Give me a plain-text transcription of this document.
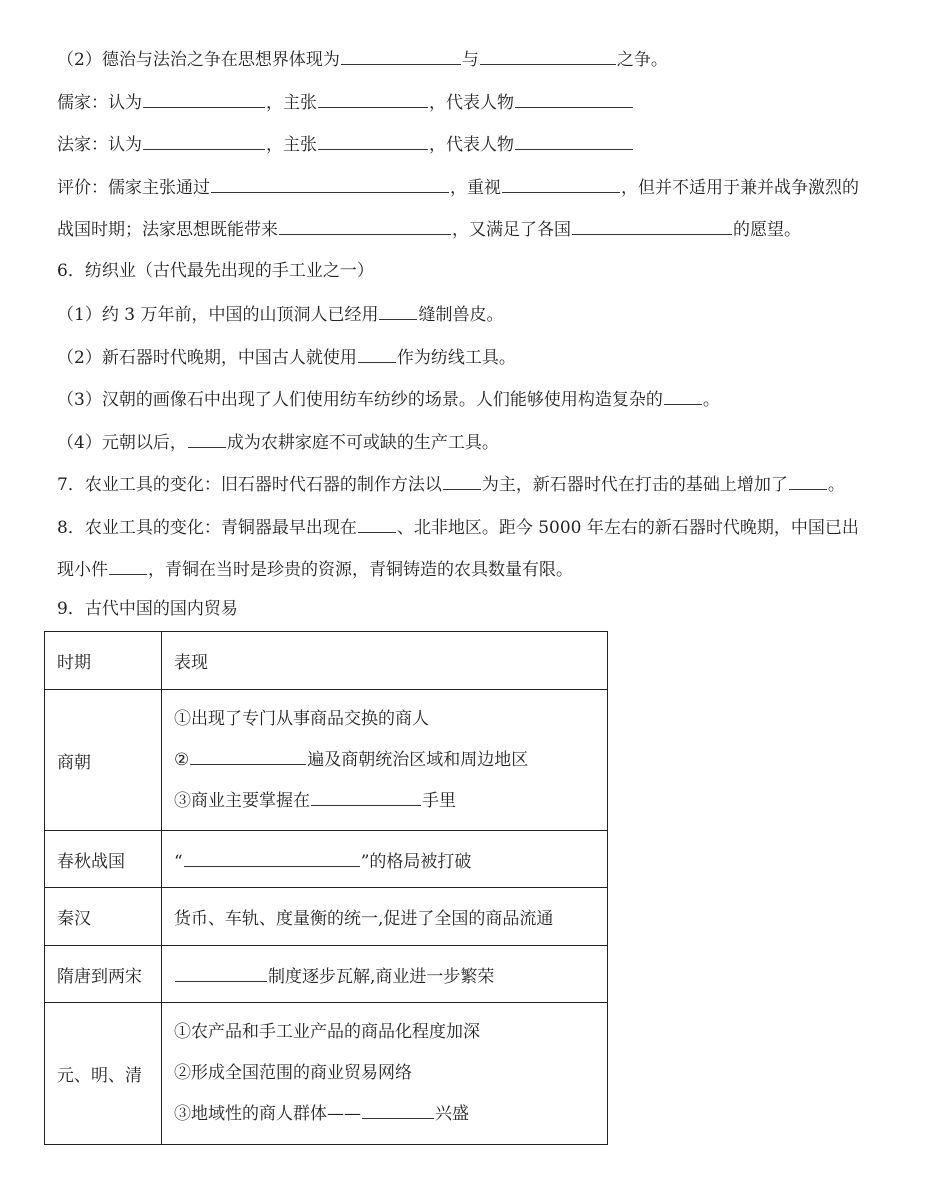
（2）德治与法治之争在思想界体现为	与	之争。
儒家：认为	，主张	，代表人物
法家：认为	，主张	，代表人物
评价：儒家主张通过	，重视	，但并不适用于兼并战争激烈的
战国时期；法家思想既能带来	，又满足了各国	的愿望。
6．纺织业（古代最先出现的手工业之一）
（1）约 3 万年前，中国的山顶洞人已经用 缝制兽皮。
（2）新石器时代晚期，中国古人就使用 作为纺线工具。
（3）汉朝的画像石中出现了人们使用纺车纺纱的场景。人们能够使用构造复杂的 。
（4）元朝以后， 成为农耕家庭不可或缺的生产工具。
7．农业工具的变化：旧石器时代石器的制作方法以 为主，新石器时代在打击的基础上增加了 。
8．农业工具的变化：青铜器最早出现在 、北非地区。距今 5000 年左右的新石器时代晚期，中国已出
现小件 ，青铜在当时是珍贵的资源，青铜铸造的农具数量有限。
9．古代中国的国内贸易
时期	表现
商朝	①出现了专门从事商品交换的商人
② 遍及商朝统治区域和周边地区
③商业主要掌握在 手里

春秋战国	“ ”的格局被打破
秦汉	货币、车轨、度量衡的统一,促进了全国的商品流通
隋唐到两宋	制度逐步瓦解,商业进一步繁荣
元、明、清	①农产品和手工业产品的商品化程度加深
②形成全国范围的商业贸易网络
③地域性的商人群体—— 兴盛
